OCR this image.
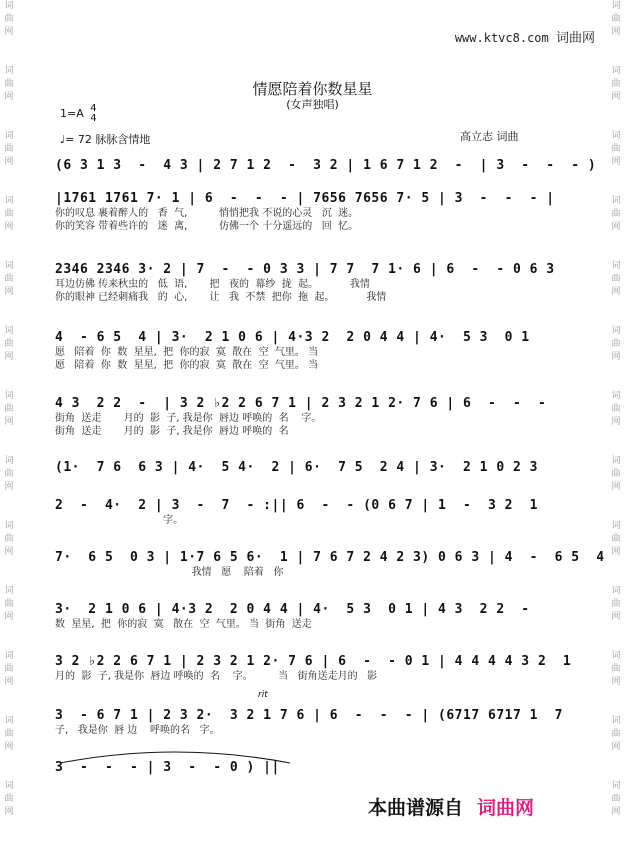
词
曲
网

词
曲
网

词
曲
网

词
曲
网

词
曲
网

词
曲
网

词
曲
网

词
曲
网

词
曲
网

词
曲
网

词
曲
网

词
曲
网

词
曲
网
词
曲
网

词
曲
网

词
曲
网

词
曲
网

词
曲
网

词
曲
网

词
曲
网

词
曲
网

词
曲
网

词
曲
网

词
曲
网

词
曲
网

词
曲
网
www.ktvc8.com 词曲网
情愿陪着你数星星
(女声独唱)
1=A 4
4
♩= 72 脉脉含情地	高立志 词曲
(6 3 1 3  -  4 3 | 2 7 1 2  -  3 2 | 1 6 7 1 2  -  | 3  -  -  - )
|1761 1761 7· 1 | 6  -  -  - | 7656 7656 7· 5 | 3  -  -  - |
你的叹息 裹着醉人的   香  气,          悄悄把我 不说的心灵   沉  迷。
你的笑容 带着些许的   迷  离,          仿佛一个 十分遥远的   回  忆。
2346 2346 3· 2 | 7  -  - 0 3 3 | 7 7  7 1· 6 | 6  -  - 0 6 3
耳边仿佛 传来秋虫的   低  语,       把   夜的  幕纱  拢  起。          我情
你的眼神 已经刺痛我   的  心,       让   我  不禁  把你  拖  起。          我情
4  - 6 5  4 | 3·  2 1 0 6 | 4·3 2  2 0 4 4 | 4·  5 3  0 1
愿   陪着  你  数  星星,  把  你的寂  寞  散在  空  气里。 当
愿   陪着  你  数  星星,  把  你的寂  寞  散在  空  气里。 当
4 3  2 2  -  | 3 2 ♭2 2 6 7 1 | 2 3 2 1 2· 7 6 | 6  -  -  -
街角  送走       月的  影  子, 我是你  唇边 呼唤的  名    字。
街角  送走       月的  影  子, 我是你  唇边 呼唤的  名
(1·  7 6  6 3 | 4·  5 4·  2 | 6·  7 5  2 4 | 3·  2 1 0 2 3
2  -  4·  2 | 3  -  7  - :|| 6  -  - (0 6 7 | 1  -  3 2  1
字。
7·  6 5  0 3 | 1·7 6 5 6·  1 | 7 6 7 2 4 2 3) 0 6 3 | 4  -  6 5  4
我情   愿    陪着   你
3·  2 1 0 6 | 4·3 2  2 0 4 4 | 4·  5 3  0 1 | 4 3  2 2  -
数  星星,  把  你的寂  寞   散在  空  气里。 当  街角  送走
3 2 ♭2 2 6 7 1 | 2 3 2 1 2· 7 6 | 6  -  - 0 1 | 4 4 4 4 3 2  1
月的  影  子, 我是你  唇边 呼唤的  名    字。        当   街角送走月的   影
rit
3  - 6 7 1 | 2 3 2·  3 2 1 7 6 | 6  -  -  - | (6717 6717 1  7
子,   我是你  唇 边    呼唤的名   字。
3  -  -  - | 3  -  - 0 ) ||
本曲谱源自 词曲网
